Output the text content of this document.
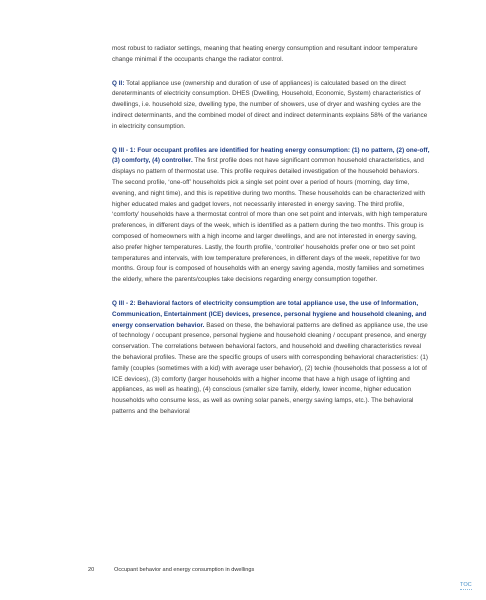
most robust to radiator settings, meaning that heating energy consumption and resultant indoor temperature change minimal if the occupants change the radiator control.

Q II: Total appliance use (ownership and duration of use of appliances) is calculated based on the direct dereterminants of electricity consumption. DHES (Dwelling, Household, Economic, System) characteristics of dwellings, i.e. household size, dwelling type, the number of showers, use of dryer and washing cycles are the indirect determinants, and the combined model of direct and indirect determinants explains 58% of the variance in electricity consumption.

Q III - 1: Four occupant profiles are identified for heating energy consumption: (1) no pattern, (2) one-off, (3) comforty, (4) controller. The first profile does not have significant common household characteristics, and displays no pattern of thermostat use. This profile requires detailed investigation of the household behaviors. The second profile, ‘one-off’ households pick a single set point over a period of hours (morning, day time, evening, and night time), and this is repetitive during two months. These households can be characterized with higher educated males and gadget lovers, not necessarily interested in energy saving. The third profile, ‘comforty’ households have a thermostat control of more than one set point and intervals, with high temperature preferences, in different days of the week, which is identified as a pattern during the two months. This group is composed of homeowners with a high income and larger dwellings, and are not interested in energy saving, also prefer higher temperatures. Lastly, the fourth profile, ‘controller’ households prefer one or two set point temperatures and intervals, with low temperature preferences, in different days of the week, repetitive for two months. Group four is composed of households with an energy saving agenda, mostly families and sometimes the elderly, where the parents/couples take decisions regarding energy consumption together.

Q III - 2: Behavioral factors of electricity consumption are total appliance use, the use of Information, Communication, Entertainment (ICE) devices, presence, personal hygiene and household cleaning, and energy conservation behavior. Based on these, the behavioral patterns are defined as appliance use, the use of technology / occupant presence, personal hygiene and household cleaning / occupant presence, and energy conservation. The correlations between behavioral factors, and household and dwelling characteristics reveal the behavioral profiles. These are the specific groups of users with corresponding behavioral characteristics: (1) family (couples (sometimes with a kid) with average user behavior), (2) techie (households that possess a lot of ICE devices), (3) comforty (larger households with a higher income that have a high usage of lighting and appliances, as well as heating), (4) conscious (smaller size family, elderly, lower income, higher education households who consume less, as well as owning solar panels, energy saving lamps, etc.). The behavioral patterns and the behavioral

20	Occupant behavior and energy consumption in dwellings
TOC
